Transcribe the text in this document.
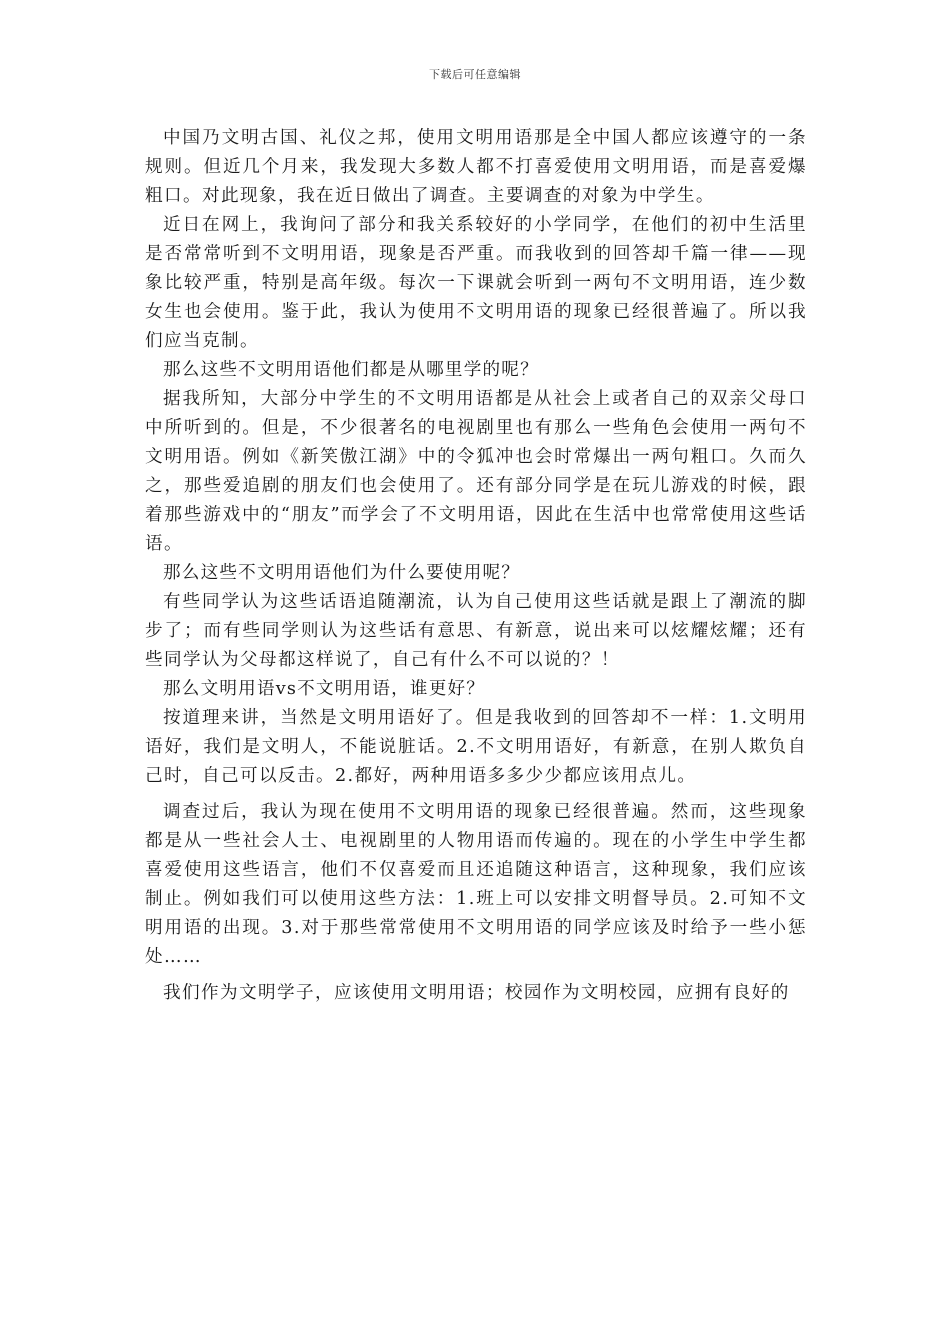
下载后可任意编辑

中国乃文明古国、礼仪之邦，使用文明用语那是全中国人都应该遵守的一条规则。但近几个月来，我发现大多数人都不打喜爱使用文明用语，而是喜爱爆粗口。对此现象，我在近日做出了调查。主要调查的对象为中学生。

近日在网上，我询问了部分和我关系较好的小学同学，在他们的初中生活里是否常常听到不文明用语，现象是否严重。而我收到的回答却千篇一律——现象比较严重，特别是高年级。每次一下课就会听到一两句不文明用语，连少数女生也会使用。鉴于此，我认为使用不文明用语的现象已经很普遍了。所以我们应当克制。

那么这些不文明用语他们都是从哪里学的呢？

据我所知，大部分中学生的不文明用语都是从社会上或者自己的双亲父母口中所听到的。但是，不少很著名的电视剧里也有那么一些角色会使用一两句不文明用语。例如《新笑傲江湖》中的令狐冲也会时常爆出一两句粗口。久而久之，那些爱追剧的朋友们也会使用了。还有部分同学是在玩儿游戏的时候，跟着那些游戏中的“朋友”而学会了不文明用语，因此在生活中也常常使用这些话语。

那么这些不文明用语他们为什么要使用呢？

有些同学认为这些话语追随潮流，认为自己使用这些话就是跟上了潮流的脚步了；而有些同学则认为这些话有意思、有新意，说出来可以炫耀炫耀；还有些同学认为父母都这样说了，自己有什么不可以说的？！

那么文明用语vs不文明用语，谁更好？

按道理来讲，当然是文明用语好了。但是我收到的回答却不一样：1.文明用语好，我们是文明人，不能说脏话。2.不文明用语好，有新意，在别人欺负自己时，自己可以反击。2.都好，两种用语多多少少都应该用点儿。

调查过后，我认为现在使用不文明用语的现象已经很普遍。然而，这些现象都是从一些社会人士、电视剧里的人物用语而传遍的。现在的小学生中学生都喜爱使用这些语言，他们不仅喜爱而且还追随这种语言，这种现象，我们应该制止。例如我们可以使用这些方法：1.班上可以安排文明督导员。2.可知不文明用语的出现。3.对于那些常常使用不文明用语的同学应该及时给予一些小惩处……

我们作为文明学子，应该使用文明用语；校园作为文明校园，应拥有良好的
